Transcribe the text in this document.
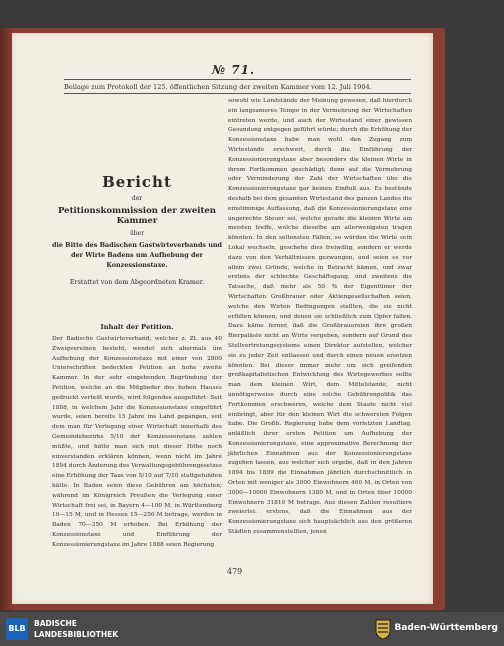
№ 71.
Beilage zum Protokoll der 125. öffentlichen Sitzung der zweiten Kammer vom 12. Juli 1904.
Bericht
der
Petitionskommission der zweiten Kammer
über
die Bitte des Badischen Gastwirteverbands und der Wirte Badens um Aufhebung der Konzessionstaxe.
Erstattet von dem Abgeordneten Kramer.
Inhalt der Petition.

Der Badische Gastwirteverband, welcher z. Zt. aus 40 Zweigvereinen besteht, wendet sich abermals um Aufhebung der Konzessionstaxe mit einer von 2800 Unterschriften bedeckten Petition an hohe zweite Kammer. In der sehr eingehenden Begründung der Petition, welche an die Mitglieder des hohen Hauses gedruckt verteilt wurde, wird folgendes ausgeführt: Seit 1888, in welchem Jahr die Konzessionstaxe eingeführt wurde, seien bereits 15 Jahre ins Land gegangen, seit dem man für Verlegung einer Wirtschaft innerhalb des Gemeindebezirks 5/10 der Konzessionstaxe zahlen müßte, und hätte man sich mit dieser Höhe noch einverstanden erklären können, wenn nicht im Jahre 1894 durch Änderung des Verwaltungsgebührengesetzes eine Erhöhung der Taxe von 5/10 auf 7/10 stattgefunden hätte. In Baden seien diese Gebühren am höchsten; während im Königreich Preußen die Verlegung einer Wirtschaft frei sei, in Bayern 4—100 M, in Württemberg 10—15 M, und in Hessen 15—250 M betrage, werden in Baden 70—350 M erhoben. Bei Erhöhung der Konzessionstaxe und Einführung der Konzessionierungstaxe im Jahre 1888 seien Regierung

sowohl wie Landstände der Meinung gewesen, daß hierdurch ein langsameres Tempo in der Vermehrung der Wirtschaften eintreten werde, und auch der Wirtestand einer gewissen Gesundung entgegen geführt würde; durch die Erhöhung der Konzessionstaxe habe man wohl den Zugang zum Wirtestande erschwert, durch die Einführung der Konzessionierungstaxe aber besonders die kleinen Wirte in ihrem Fortkommen geschädigt; denn auf die Vermehrung oder Verminderung der Zahl der Wirtschaften übe die Konzessionierungstaxe gar keinen Einfluß aus. Es bestünde deshalb bei dem gesamten Wirtestand des ganzen Landes die einstimmige Auffassung, daß die Konzessionierungstaxe eine ungerechte Steuer sei, welche gerade die kleinen Wirte am meisten treffe, welche dieselbe am allerwenigsten tragen könnten. In den seltensten Fällen, so würden die Wirte sein Lokal wechseln, geschehe dies freiwillig, sondern er werde dazu von den Verhältnissen gezwungen, und seien es vor allem zwei Gründe, welche in Betracht kämen, und zwar erstens der schlechte Geschäftsgang, und zweitens die Tatsache, daß mehr als 50 % der Eigentümer der Wirtschaften Großbrauer oder Aktiengesellschaften seien, welche den Wirten Bedingungen stellten, die sie nicht erfüllen können, und denen sie schließlich zum Opfer fallen. Dazu käme ferner, daß die Großbrauereien ihre großen Bierpaläste nicht an Wirte vergeben, sondern auf Grund des Stellvertretungssystems einen Direktor aufstellen, welcher sie zu jeder Zeit entlassen und durch einen neuen ersetzen könnten. Bei dieser immer mehr um sich greifenden großkapitalistischen Entwicklung des Wirtegewerbes sollte man dem kleinen Wirt, dem Mittelstande, nicht unnötigerweise durch eine solche Gebührenpolitik das Fortkommen erschweren, welche dem Staate nicht viel einbringt, aber für den kleinen Wirt die schwersten Folgen habe. Die Großh. Regierung habe dem vorletzten Landtag, anläßlich ihrer ersten Petition um Aufhebung der Konzessionierungstaxe, eine approximative Berechnung der jährlichen Einnahmen aus der Konzessionierungstaxe zugehen lassen, aus welcher sich ergebe, daß in den Jahren 1894 bis 1899 die Einnahmen jährlich durchschnittlich in Orten mit weniger als 3000 Einwohnern 460 M, in Orten von 3000—10000 Einwohnern 1380 M, und in Orten über 10000 Einwohnern 31810 M betrage. Aus diesen Zahlen resultiere zweierlei: erstens, daß die Einnahmen aus der Konzessionierungstaxe sich hauptsächlich aus den größeren Städten zusammenstellten, jenen

479
BLB
BADISCHE
LANDESBIBLIOTHEK
Baden-Württemberg
